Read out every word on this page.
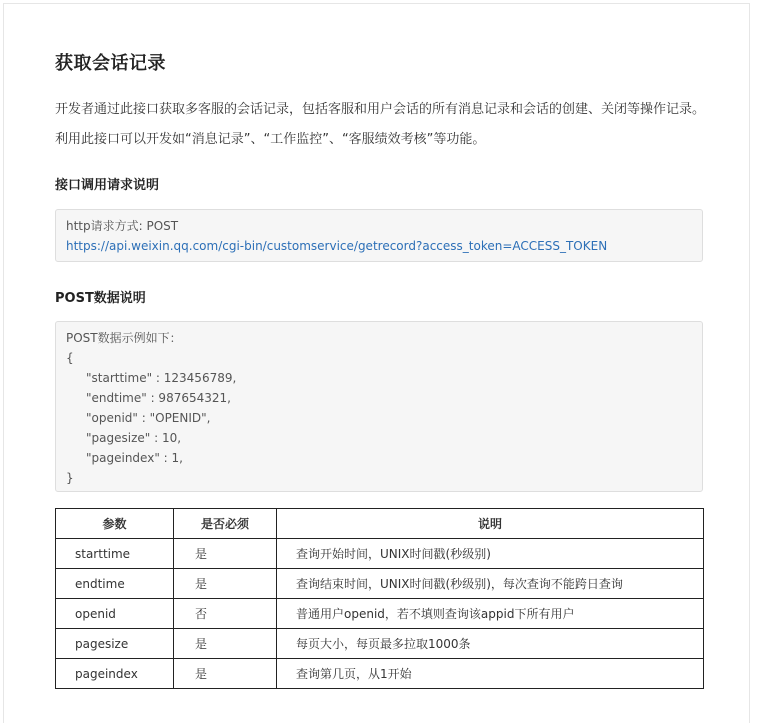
获取会话记录

开发者通过此接口获取多客服的会话记录，包括客服和用户会话的所有消息记录和会话的创建、关闭等操作记录。利用此接口可以开发如“消息记录”、“工作监控”、“客服绩效考核”等功能。

接口调用请求说明
http请求方式: POST
https://api.weixin.qq.com/cgi-bin/customservice/getrecord?access_token=ACCESS_TOKEN
POST数据说明
POST数据示例如下：
{
"starttime" : 123456789,
"endtime" : 987654321,
"openid" : "OPENID",
"pagesize" : 10,
"pageindex" : 1,
}
参数	是否必须	说明
starttime	是	查询开始时间，UNIX时间戳(秒级别)
endtime	是	查询结束时间，UNIX时间戳(秒级别)，每次查询不能跨日查询
openid	否	普通用户openid，若不填则查询该appid下所有用户
pagesize	是	每页大小，每页最多拉取1000条
pageindex	是	查询第几页，从1开始
